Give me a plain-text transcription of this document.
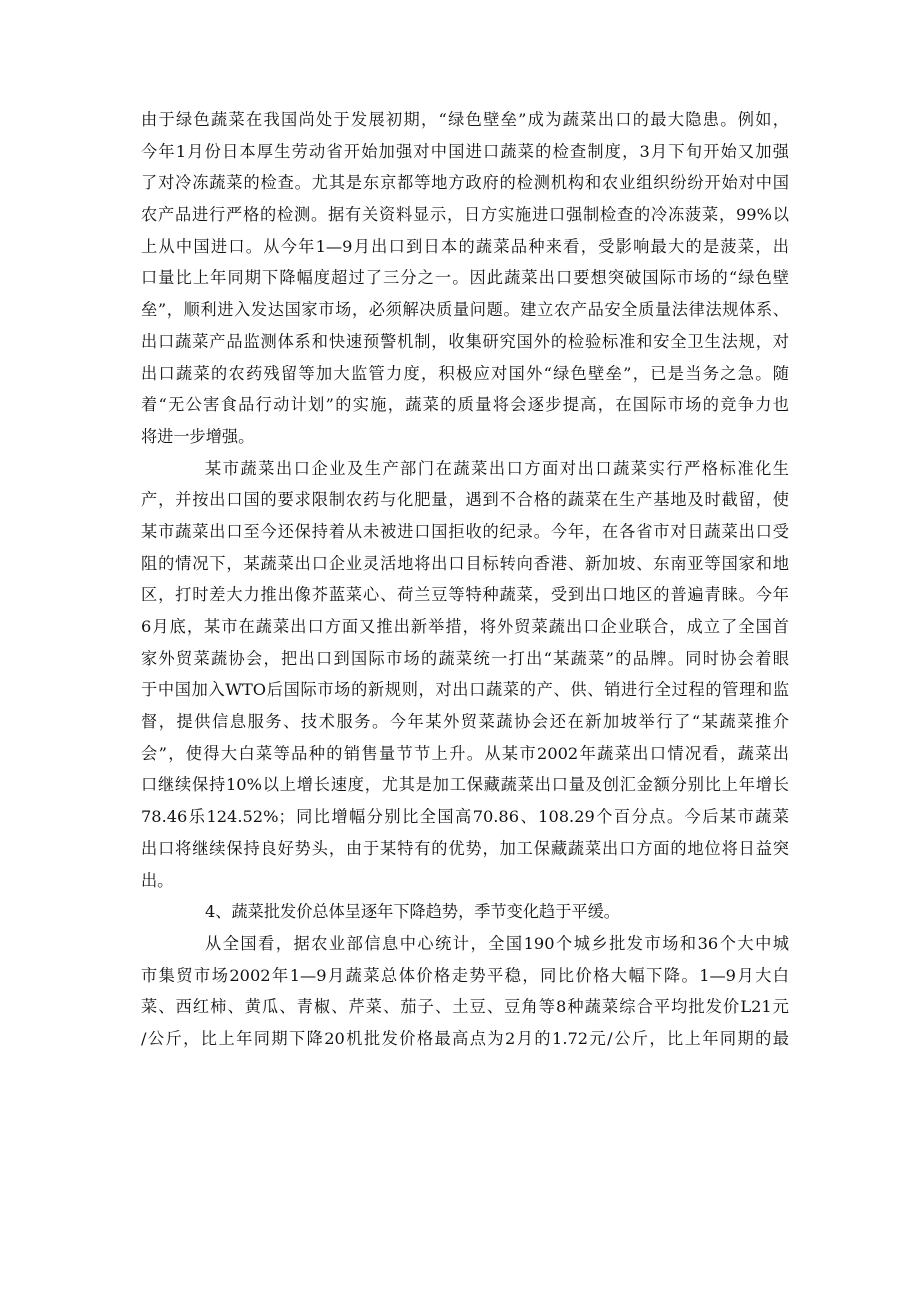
由于绿色蔬菜在我国尚处于发展初期，“绿色壁垒”成为蔬菜出口的最大隐患。例如，
今年1月份日本厚生劳动省开始加强对中国进口蔬菜的检查制度，3月下旬开始又加强
了对冷冻蔬菜的检查。尤其是东京都等地方政府的检测机构和农业组织纷纷开始对中国
农产品进行严格的检测。据有关资料显示，日方实施进口强制检查的冷冻菠菜，99%以
上从中国进口。从今年1—9月出口到日本的蔬菜品种来看，受影响最大的是菠菜，出
口量比上年同期下降幅度超过了三分之一。因此蔬菜出口要想突破国际市场的“绿色壁
垒”，顺利进入发达国家市场，必须解决质量问题。建立农产品安全质量法律法规体系、
出口蔬菜产品监测体系和快速预警机制，收集研究国外的检验标准和安全卫生法规，对
出口蔬菜的农药残留等加大监管力度，积极应对国外“绿色壁垒”，已是当务之急。随
着“无公害食品行动计划”的实施，蔬菜的质量将会逐步提高，在国际市场的竞争力也
将进一步增强。
某市蔬菜出口企业及生产部门在蔬菜出口方面对出口蔬菜实行严格标准化生
产，并按出口国的要求限制农药与化肥量，遇到不合格的蔬菜在生产基地及时截留，使
某市蔬菜出口至今还保持着从未被进口国拒收的纪录。今年，在各省市对日蔬菜出口受
阻的情况下，某蔬菜出口企业灵活地将出口目标转向香港、新加坡、东南亚等国家和地
区，打时差大力推出像芥蓝菜心、荷兰豆等特种蔬菜，受到出口地区的普遍青睐。今年
6月底，某市在蔬菜出口方面又推出新举措，将外贸菜蔬出口企业联合，成立了全国首
家外贸菜蔬协会，把出口到国际市场的蔬菜统一打出“某蔬菜”的品牌。同时协会着眼
于中国加入WTO后国际市场的新规则，对出口蔬菜的产、供、销进行全过程的管理和监
督，提供信息服务、技术服务。今年某外贸菜蔬协会还在新加坡举行了“某蔬菜推介
会”，使得大白菜等品种的销售量节节上升。从某市2002年蔬菜出口情况看，蔬菜出
口继续保持10%以上增长速度，尤其是加工保藏蔬菜出口量及创汇金额分别比上年增长
78.46乐124.52%；同比增幅分别比全国高70.86、108.29个百分点。今后某市蔬菜
出口将继续保持良好势头，由于某特有的优势，加工保藏蔬菜出口方面的地位将日益突
出。
4、蔬菜批发价总体呈逐年下降趋势，季节变化趋于平缓。
从全国看，据农业部信息中心统计，全国190个城乡批发市场和36个大中城
市集贸市场2002年1—9月蔬菜总体价格走势平稳，同比价格大幅下降。1—9月大白
菜、西红柿、黄瓜、青椒、芹菜、茄子、土豆、豆角等8种蔬菜综合平均批发价L21元
/公斤，比上年同期下降20机批发价格最高点为2月的1.72元/公斤，比上年同期的最
